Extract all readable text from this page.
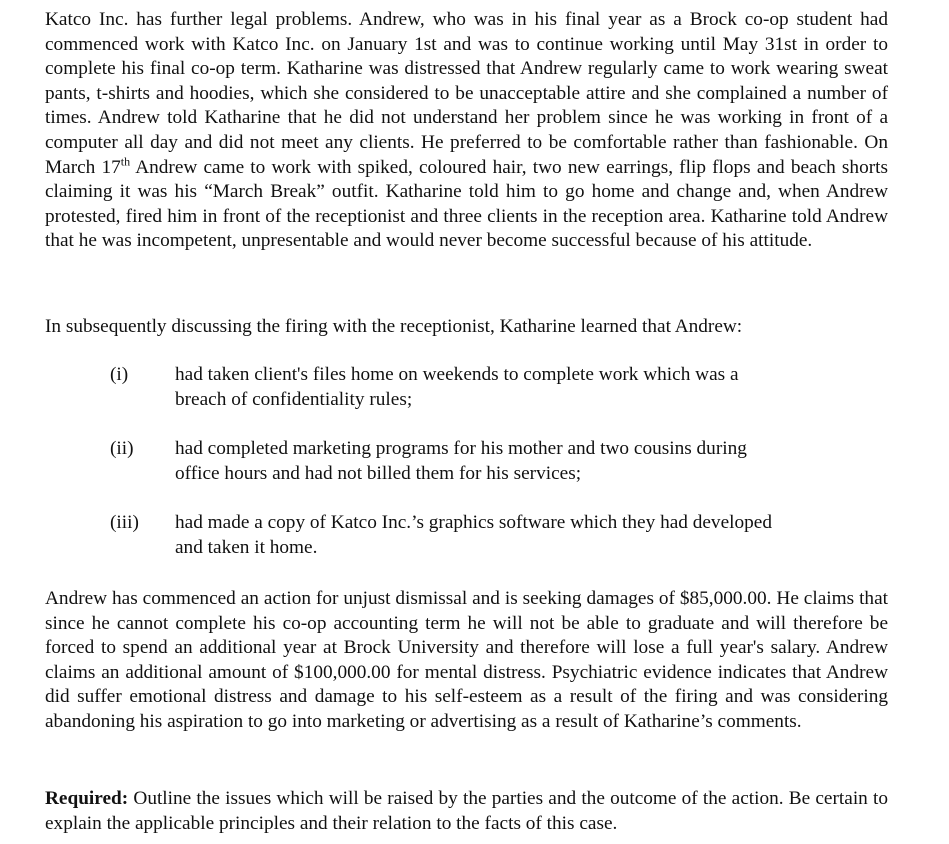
Katco Inc. has further legal problems. Andrew, who was in his final year as a Brock co-op student had commenced work with Katco Inc. on January 1st and was to continue working until May 31st in order to complete his final co-op term. Katharine was distressed that Andrew regularly came to work wearing sweat pants, t-shirts and hoodies, which she considered to be unacceptable attire and she complained a number of times. Andrew told Katharine that he did not understand her problem since he was working in front of a computer all day and did not meet any clients. He preferred to be comfortable rather than fashionable. On March 17th Andrew came to work with spiked, coloured hair, two new earrings, flip flops and beach shorts claiming it was his “March Break” outfit. Katharine told him to go home and change and, when Andrew protested, fired him in front of the receptionist and three clients in the reception area. Katharine told Andrew that he was incompetent, unpresentable and would never become successful because of his attitude.

In subsequently discussing the firing with the receptionist, Katharine learned that Andrew:

(i) had taken client's files home on weekends to complete work which was a breach of confidentiality rules;

(ii) had completed marketing programs for his mother and two cousins during office hours and had not billed them for his services;

(iii) had made a copy of Katco Inc.’s graphics software which they had developed and taken it home.

Andrew has commenced an action for unjust dismissal and is seeking damages of $85,000.00. He claims that since he cannot complete his co-op accounting term he will not be able to graduate and will therefore be forced to spend an additional year at Brock University and therefore will lose a full year's salary. Andrew claims an additional amount of $100,000.00 for mental distress. Psychiatric evidence indicates that Andrew did suffer emotional distress and damage to his self-esteem as a result of the firing and was considering abandoning his aspiration to go into marketing or advertising as a result of Katharine’s comments.

Required: Outline the issues which will be raised by the parties and the outcome of the action. Be certain to explain the applicable principles and their relation to the facts of this case.
